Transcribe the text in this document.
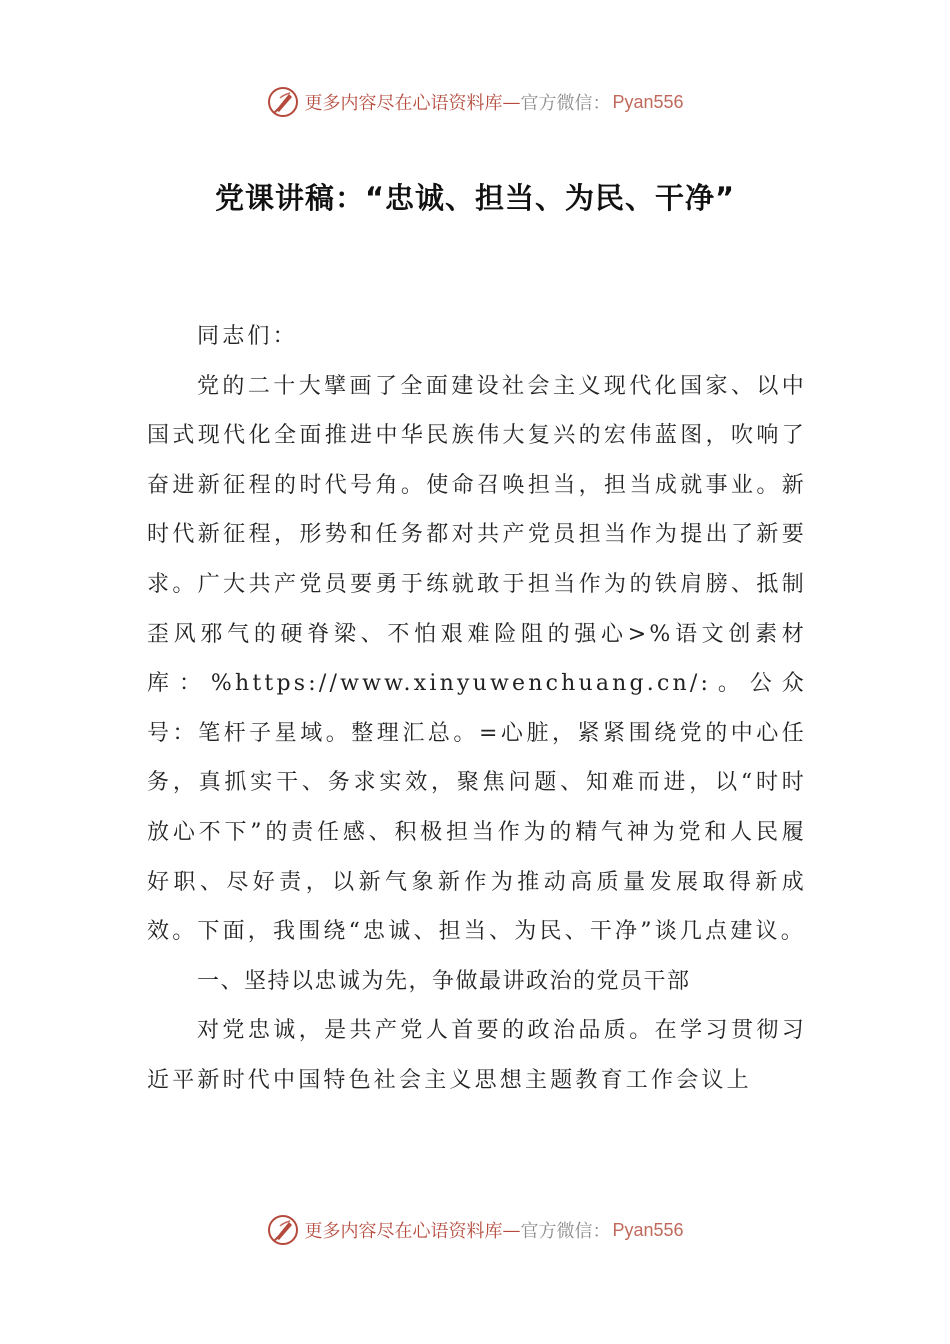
更多内容尽在心语资料库 — 官方微信： Pyan556
党课讲稿：“忠诚、担当、为民、干净”

同志们：

党的二十大擘画了全面建设社会主义现代化国家、以中国式现代化全面推进中华民族伟大复兴的宏伟蓝图，吹响了奋进新征程的时代号角。使命召唤担当，担当成就事业。新时代新征程，形势和任务都对共产党员担当作为提出了新要求。广大共产党员要勇于练就敢于担当作为的铁肩膀、抵制歪风邪气的硬脊梁、不怕艰难险阻的强心>%语文创素材库：%https://www.xinyuwenchuang.cn/:。公众号：笔杆子星域。整理汇总。=心脏，紧紧围绕党的中心任务，真抓实干、务求实效，聚焦问题、知难而进，以“时时放心不下”的责任感、积极担当作为的精气神为党和人民履好职、尽好责，以新气象新作为推动高质量发展取得新成效。下面，我围绕“忠诚、担当、为民、干净”谈几点建议。

一、坚持以忠诚为先，争做最讲政治的党员干部

对党忠诚，是共产党人首要的政治品质。在学习贯彻习近平新时代中国特色社会主义思想主题教育工作会议上

更多内容尽在心语资料库 — 官方微信： Pyan556
